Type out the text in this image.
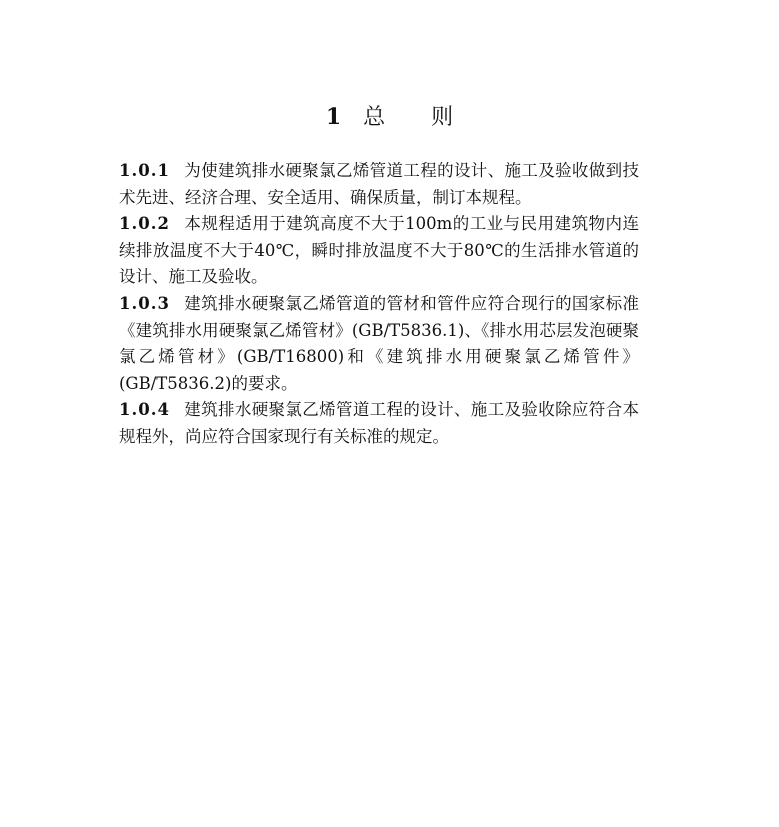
1 总 则

1.0.1 为使建筑排水硬聚氯乙烯管道工程的设计、施工及验收做到技术先进、经济合理、安全适用、确保质量，制订本规程。

1.0.2 本规程适用于建筑高度不大于100m的工业与民用建筑物内连续排放温度不大于40℃，瞬时排放温度不大于80℃的生活排水管道的设计、施工及验收。

1.0.3 建筑排水硬聚氯乙烯管道的管材和管件应符合现行的国家标准《建筑排水用硬聚氯乙烯管材》(GB/T5836.1)、《排水用芯层发泡硬聚氯乙烯管材》(GB/T16800)和《建筑排水用硬聚氯乙烯管件》(GB/T5836.2)的要求。

1.0.4 建筑排水硬聚氯乙烯管道工程的设计、施工及验收除应符合本规程外，尚应符合国家现行有关标准的规定。
